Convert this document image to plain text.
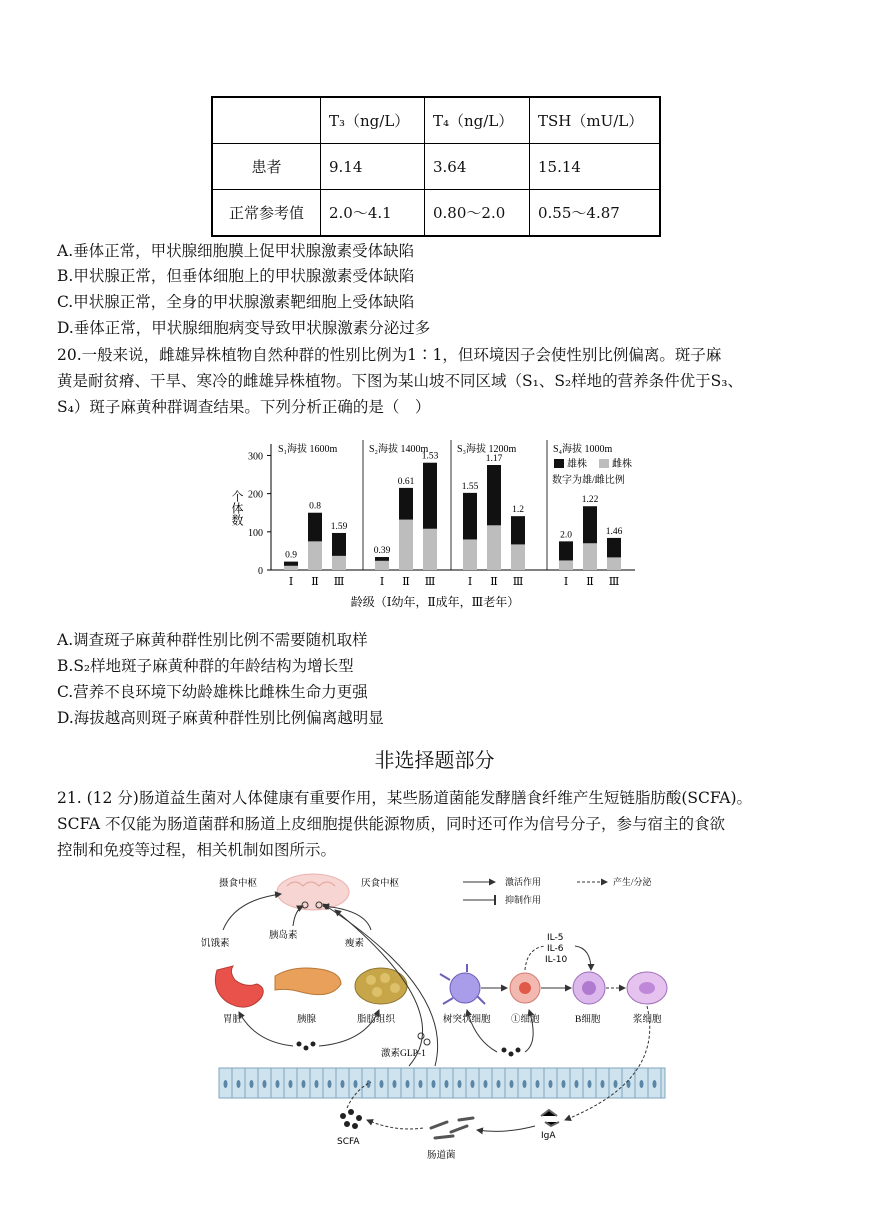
	T₃（ng/L）	T₄（ng/L）	TSH（mU/L）
患者	9.14	3.64	15.14
正常参考值	2.0～4.1	0.80～2.0	0.55～4.87
A.垂体正常，甲状腺细胞膜上促甲状腺激素受体缺陷
B.甲状腺正常，但垂体细胞上的甲状腺激素受体缺陷
C.甲状腺正常，全身的甲状腺激素靶细胞上受体缺陷
D.垂体正常，甲状腺细胞病变导致甲状腺激素分泌过多
20.一般来说，雌雄异株植物自然种群的性别比例为1∶1，但环境因子会使性别比例偏离。斑子麻
黄是耐贫瘠、干旱、寒冷的雌雄异株植物。下图为某山坡不同区域（S₁、S₂样地的营养条件优于S₃、
S₄）斑子麻黄种群调查结果。下列分析正确的是（　）
0
100
200
300
个体数
S₁海拔 1600m
0.9
Ⅰ
0.8
Ⅱ
1.59
Ⅲ
S₂海拔 1400m
0.39
Ⅰ
0.61
Ⅱ
1.53
Ⅲ
S₃海拔 1200m
1.55
Ⅰ
1.17
Ⅱ
1.2
Ⅲ
S₄海拔 1000m
2.0
Ⅰ
1.22
Ⅱ
1.46
Ⅲ
雄株	雌株
数字为雄/雌比例
龄级（Ⅰ幼年，Ⅱ成年，Ⅲ老年）
A.调查斑子麻黄种群性别比例不需要随机取样
B.S₂样地斑子麻黄种群的年龄结构为增长型
C.营养不良环境下幼龄雄株比雌株生命力更强
D.海拔越高则斑子麻黄种群性别比例偏离越明显
非选择题部分
21. (12 分)肠道益生菌对人体健康有重要作用，某些肠道菌能发酵膳食纤维产生短链脂肪酸(SCFA)。
SCFA 不仅能为肠道菌群和肠道上皮细胞提供能源物质，同时还可作为信号分子，参与宿主的食欲
控制和免疫等过程，相关机制如图所示。
摄食中枢	厌食中枢	激活作用	产生/分泌
抑制作用
饥饿素
胰岛素
瘦素
胃脏	胰腺	脂肪组织
IL-5
IL-6
IL-10
树突状细胞 ①细胞	B细胞	浆细胞
激素GLP-1
SCFA
肠道菌
IgA
